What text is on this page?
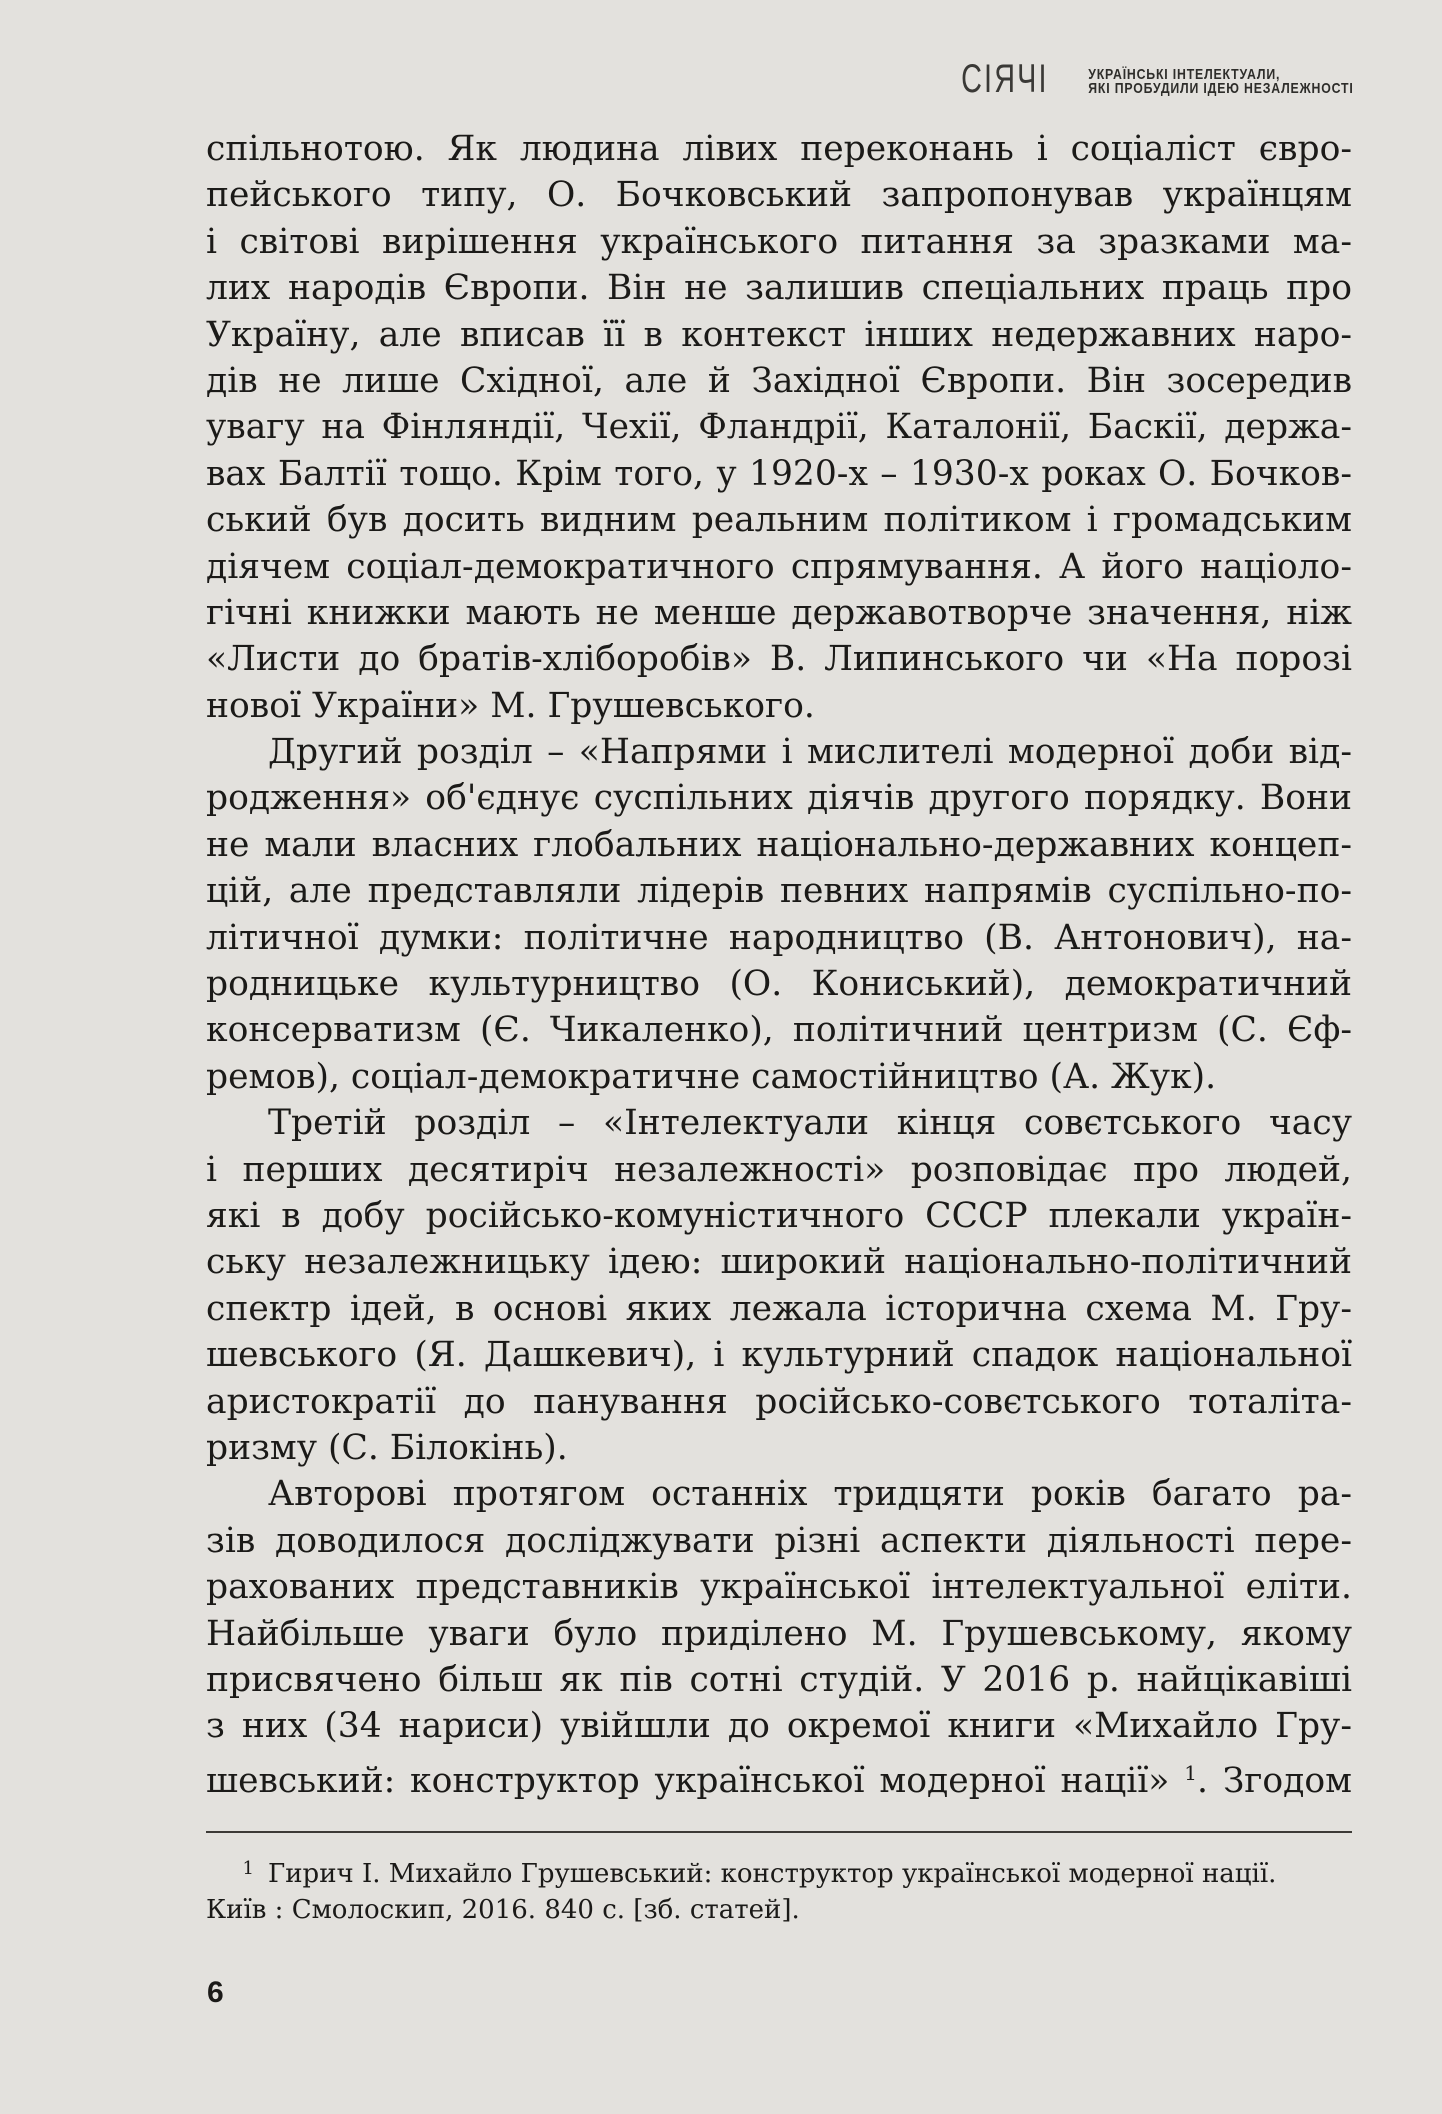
СІЯЧІ	УКРАЇНСЬКІ ІНТЕЛЕКТУАЛИ,
ЯКІ ПРОБУДИЛИ ІДЕЮ НЕЗАЛЕЖНОСТІ
спільнотою. Як людина лівих переконань і соціаліст євро-
пейського типу, О. Бочковський запропонував українцям
і світові вирішення українського питання за зразками ма-
лих народів Європи. Він не залишив спеціальних праць про
Україну, але вписав її в контекст інших недержавних наро-
дів не лише Східної, але й Західної Європи. Він зосередив
увагу на Фінляндії, Чехії, Фландрії, Каталонії, Баскії, держа-
вах Балтії тощо. Крім того, у 1920-х – 1930-х роках О. Бочков-
ський був досить видним реальним політиком і громадським
діячем соціал-демократичного спрямування. А його націоло-
гічні книжки мають не менше державотворче значення, ніж
«Листи до братів-хліборобів» В. Липинського чи «На порозі
нової України» М. Грушевського.
Другий розділ – «Напрями і мислителі модерної доби від-
родження» об'єднує суспільних діячів другого порядку. Вони
не мали власних глобальних національно-державних концеп-
цій, але представляли лідерів певних напрямів суспільно-по-
літичної думки: політичне народництво (В. Антонович), на-
родницьке культурництво (О. Кониський), демократичний
консерватизм (Є. Чикаленко), політичний центризм (С. Єф-
ремов), соціал-демократичне самостійництво (А. Жук).
Третій розділ – «Інтелектуали кінця совєтського часу
і перших десятиріч незалежності» розповідає про людей,
які в добу російсько-комуністичного СССР плекали україн-
ську незалежницьку ідею: широкий національно-політичний
спектр ідей, в основі яких лежала історична схема М. Гру-
шевського (Я. Дашкевич), і культурний спадок національної
аристократії до панування російсько-совєтського тоталіта-
ризму (С. Білокінь).
Авторові протягом останніх тридцяти років багато ра-
зів доводилося досліджувати різні аспекти діяльності пере-
рахованих представників української інтелектуальної еліти.
Найбільше уваги було приділено М. Грушевському, якому
присвячено більш як пів сотні студій. У 2016 р. найцікавіші
з них (34 нариси) увійшли до окремої книги «Михайло Гру-
шевський: конструктор української модерної нації» $^1$. Згодом
1 Гирич І. Михайло Грушевський: конструктор української модерної нації.
Київ : Смолоскип, 2016. 840 с. [зб. статей].
6
